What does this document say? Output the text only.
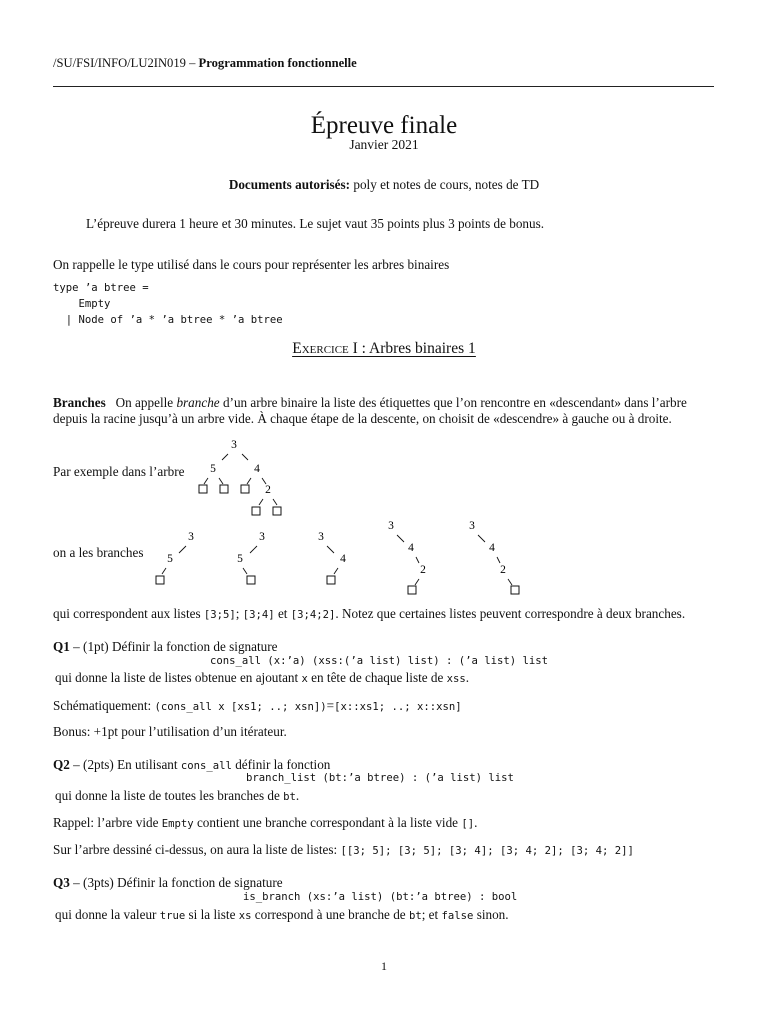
/SU/FSI/INFO/LU2IN019 – Programmation fonctionnelle
Épreuve finale
Janvier 2021
Documents autorisés: poly et notes de cours, notes de TD
L’épreuve durera 1 heure et 30 minutes. Le sujet vaut 35 points plus 3 points de bonus.
On rappelle le type utilisé dans le cours pour représenter les arbres binaires
type ’a btree =
Empty
| Node of ’a * ’a btree * ’a btree
Exercice I : Arbres binaires 1
Branches On appelle branche d’un arbre binaire la liste des étiquettes que l’on rencontre en «descendant» dans l’arbre
depuis la racine jusqu’à un arbre vide. À chaque étape de la descente, on choisit de «descendre» à gauche ou à droite.
Par exemple dans l’arbre
3
5	4
2
3
5
3
5
3
4
3
4
2
3
4
2
on a les branches
qui correspondent aux listes [3;5]; [3;4] et [3;4;2]. Notez que certaines listes peuvent correspondre à deux branches.
Q1 – (1pt) Définir la fonction de signature
cons_all (x:’a) (xss:(’a list) list) : (’a list) list
qui donne la liste de listes obtenue en ajoutant x en tête de chaque liste de xss.
Schématiquement: (cons_all x [xs1; ..; xsn])=[x::xs1; ..; x::xsn]
Bonus: +1pt pour l’utilisation d’un itérateur.
Q2 – (2pts) En utilisant cons_all définir la fonction
branch_list (bt:’a btree) : (’a list) list
qui donne la liste de toutes les branches de bt.
Rappel: l’arbre vide Empty contient une branche correspondant à la liste vide [].
Sur l’arbre dessiné ci-dessus, on aura la liste de listes: [[3; 5]; [3; 5]; [3; 4]; [3; 4; 2]; [3; 4; 2]]
Q3 – (3pts) Définir la fonction de signature
is_branch (xs:’a list) (bt:’a btree) : bool
qui donne la valeur true si la liste xs correspond à une branche de bt; et false sinon.
1
